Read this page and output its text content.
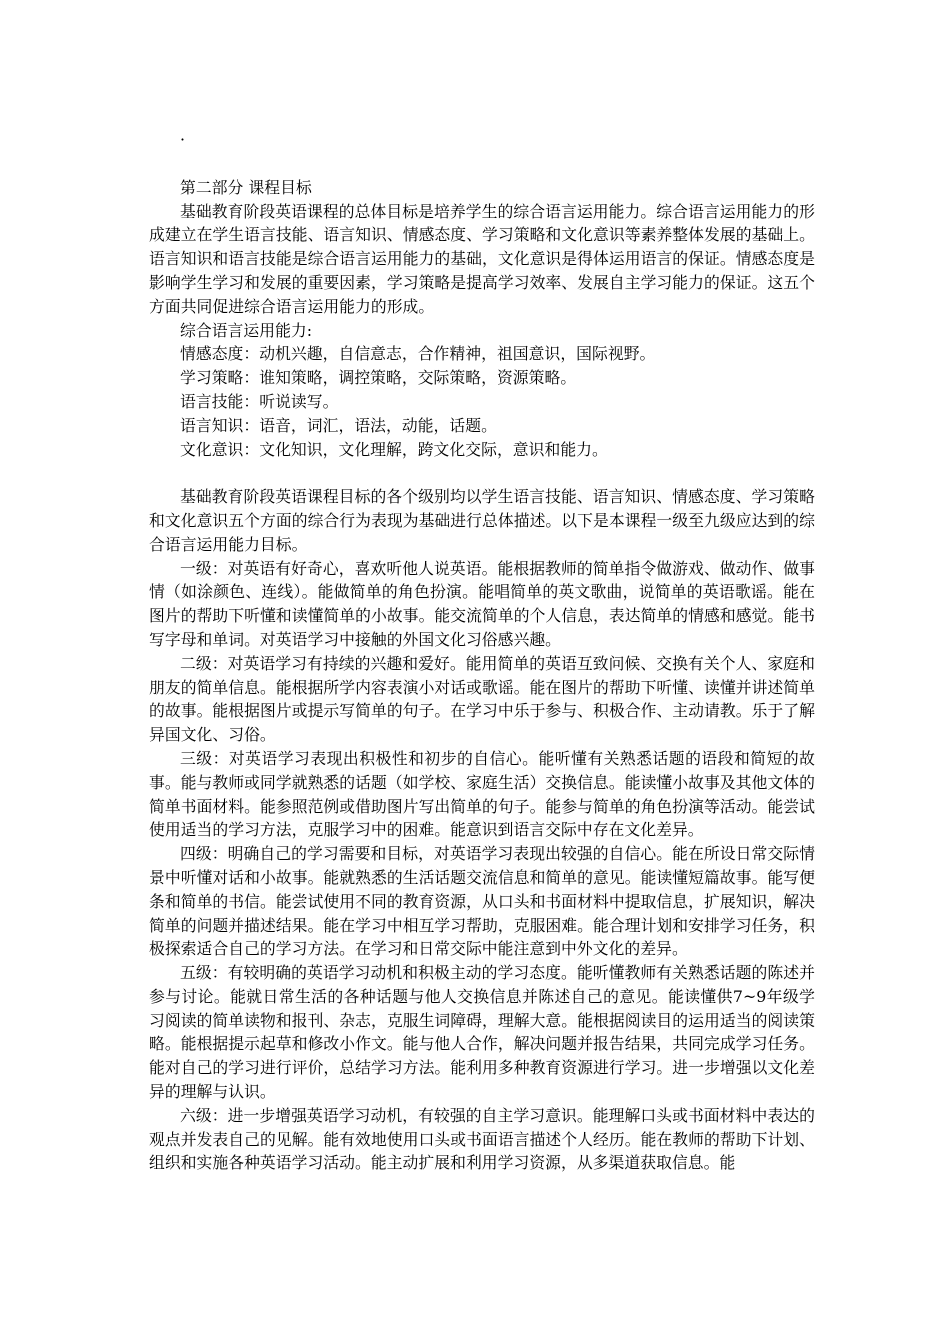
·
第二部分 课程目标

基础教育阶段英语课程的总体目标是培养学生的综合语言运用能力。综合语言运用能力的形成建立在学生语言技能、语言知识、情感态度、学习策略和文化意识等素养整体发展的基础上。语言知识和语言技能是综合语言运用能力的基础，文化意识是得体运用语言的保证。情感态度是影响学生学习和发展的重要因素，学习策略是提高学习效率、发展自主学习能力的保证。这五个方面共同促进综合语言运用能力的形成。

综合语言运用能力:
情感态度：动机兴趣，自信意志，合作精神，祖国意识，国际视野。
学习策略：谁知策略，调控策略，交际策略，资源策略。
语言技能：听说读写。
语言知识：语音，词汇，语法，动能，话题。
文化意识：文化知识，文化理解，跨文化交际，意识和能力。

基础教育阶段英语课程目标的各个级别均以学生语言技能、语言知识、情感态度、学习策略和文化意识五个方面的综合行为表现为基础进行总体描述。以下是本课程一级至九级应达到的综合语言运用能力目标。

一级：对英语有好奇心，喜欢听他人说英语。能根据教师的简单指令做游戏、做动作、做事情（如涂颜色、连线）。能做简单的角色扮演。能唱简单的英文歌曲，说简单的英语歌谣。能在图片的帮助下听懂和读懂简单的小故事。能交流简单的个人信息，表达简单的情感和感觉。能书写字母和单词。对英语学习中接触的外国文化习俗感兴趣。

二级：对英语学习有持续的兴趣和爱好。能用简单的英语互致问候、交换有关个人、家庭和朋友的简单信息。能根据所学内容表演小对话或歌谣。能在图片的帮助下听懂、读懂并讲述简单的故事。能根据图片或提示写简单的句子。在学习中乐于参与、积极合作、主动请教。乐于了解异国文化、习俗。

三级：对英语学习表现出积极性和初步的自信心。能听懂有关熟悉话题的语段和简短的故事。能与教师或同学就熟悉的话题（如学校、家庭生活）交换信息。能读懂小故事及其他文体的简单书面材料。能参照范例或借助图片写出简单的句子。能参与简单的角色扮演等活动。能尝试使用适当的学习方法，克服学习中的困难。能意识到语言交际中存在文化差异。

四级：明确自己的学习需要和目标，对英语学习表现出较强的自信心。能在所设日常交际情景中听懂对话和小故事。能就熟悉的生活话题交流信息和简单的意见。能读懂短篇故事。能写便条和简单的书信。能尝试使用不同的教育资源，从口头和书面材料中提取信息，扩展知识，解决简单的问题并描述结果。能在学习中相互学习帮助，克服困难。能合理计划和安排学习任务，积极探索适合自己的学习方法。在学习和日常交际中能注意到中外文化的差异。

五级：有较明确的英语学习动机和积极主动的学习态度。能听懂教师有关熟悉话题的陈述并参与讨论。能就日常生活的各种话题与他人交换信息并陈述自己的意见。能读懂供7~9年级学习阅读的简单读物和报刊、杂志，克服生词障碍，理解大意。能根据阅读目的运用适当的阅读策略。能根据提示起草和修改小作文。能与他人合作，解决问题并报告结果，共同完成学习任务。能对自己的学习进行评价，总结学习方法。能利用多种教育资源进行学习。进一步增强以文化差异的理解与认识。

六级：进一步增强英语学习动机，有较强的自主学习意识。能理解口头或书面材料中表达的观点并发表自己的见解。能有效地使用口头或书面语言描述个人经历。能在教师的帮助下计划、组织和实施各种英语学习活动。能主动扩展和利用学习资源，从多渠道获取信息。能
